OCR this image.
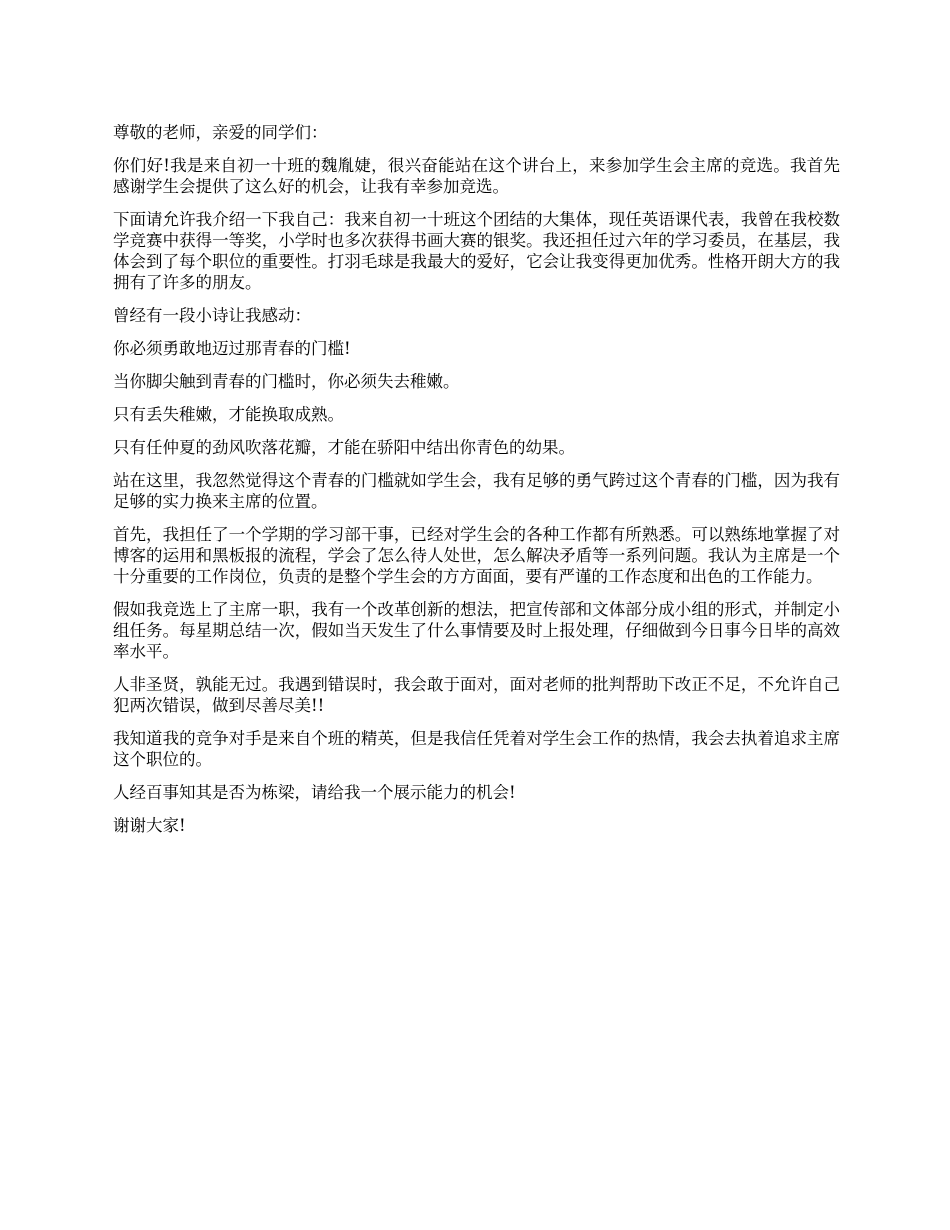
尊敬的老师，亲爱的同学们：

你们好!我是来自初一十班的魏胤婕，很兴奋能站在这个讲台上，来参加学生会主席的竞选。我首先感谢学生会提供了这么好的机会，让我有幸参加竞选。

下面请允许我介绍一下我自己：我来自初一十班这个团结的大集体，现任英语课代表，我曾在我校数学竞赛中获得一等奖，小学时也多次获得书画大赛的银奖。我还担任过六年的学习委员，在基层，我体会到了每个职位的重要性。打羽毛球是我最大的爱好，它会让我变得更加优秀。性格开朗大方的我拥有了许多的朋友。

曾经有一段小诗让我感动：

你必须勇敢地迈过那青春的门槛!

当你脚尖触到青春的门槛时，你必须失去稚嫩。

只有丢失稚嫩，才能换取成熟。

只有任仲夏的劲风吹落花瓣，才能在骄阳中结出你青色的幼果。

站在这里，我忽然觉得这个青春的门槛就如学生会，我有足够的勇气跨过这个青春的门槛，因为我有足够的实力换来主席的位置。

首先，我担任了一个学期的学习部干事，已经对学生会的各种工作都有所熟悉。可以熟练地掌握了对博客的运用和黑板报的流程，学会了怎么待人处世，怎么解决矛盾等一系列问题。我认为主席是一个十分重要的工作岗位，负责的是整个学生会的方方面面，要有严谨的工作态度和出色的工作能力。

假如我竞选上了主席一职，我有一个改革创新的想法，把宣传部和文体部分成小组的形式，并制定小组任务。每星期总结一次，假如当天发生了什么事情要及时上报处理，仔细做到今日事今日毕的高效率水平。

人非圣贤，孰能无过。我遇到错误时，我会敢于面对，面对老师的批判帮助下改正不足，不允许自己犯两次错误，做到尽善尽美!!

我知道我的竞争对手是来自个班的精英，但是我信任凭着对学生会工作的热情，我会去执着追求主席这个职位的。

人经百事知其是否为栋梁，请给我一个展示能力的机会!

谢谢大家!
